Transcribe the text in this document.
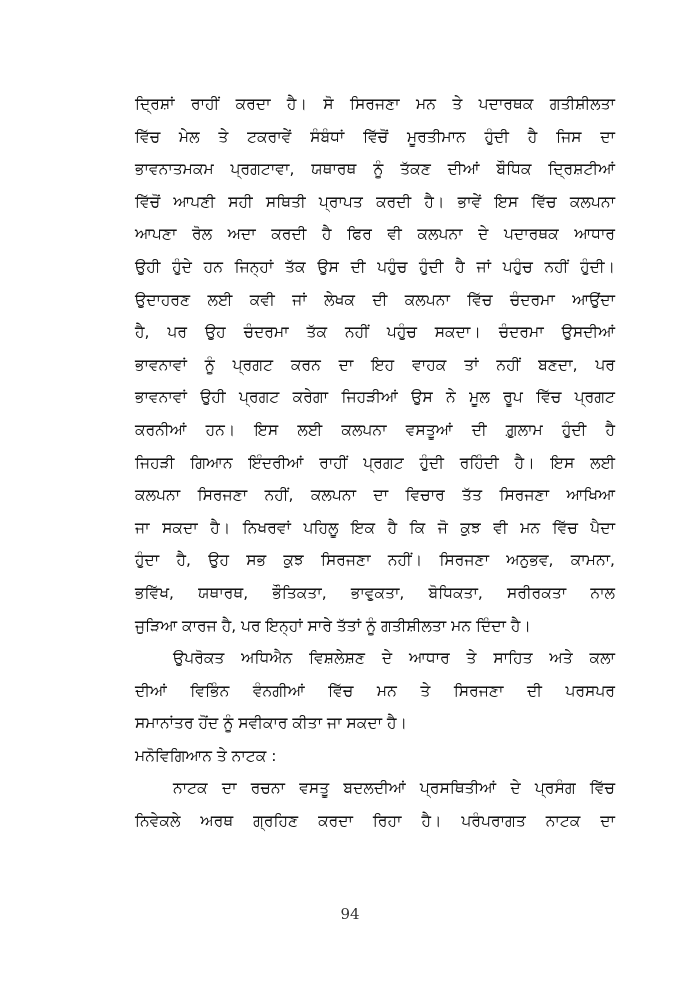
ਦ੍ਰਿਸ਼ਾਂ ਰਾਹੀਂ ਕਰਦਾ ਹੈ। ਸੋ ਸਿਰਜਣਾ ਮਨ ਤੇ ਪਦਾਰਥਕ ਗਤੀਸ਼ੀਲਤਾ
ਵਿੱਚ ਮੇਲ ਤੇ ਟਕਰਾਵੇਂ ਸੰਬੰਧਾਂ ਵਿੱਚੋਂ ਮੂਰਤੀਮਾਨ ਹੁੰਦੀ ਹੈ ਜਿਸ ਦਾ
ਭਾਵਨਾਤਮਕਮ ਪ੍ਰਗਟਾਵਾ, ਯਥਾਰਥ ਨੂੰ ਤੱਕਣ ਦੀਆਂ ਬੌਧਿਕ ਦ੍ਰਿਸ਼ਟੀਆਂ
ਵਿੱਚੋਂ ਆਪਣੀ ਸਹੀ ਸਥਿਤੀ ਪ੍ਰਾਪਤ ਕਰਦੀ ਹੈ। ਭਾਵੇਂ ਇਸ ਵਿੱਚ ਕਲਪਨਾ
ਆਪਣਾ ਰੋਲ ਅਦਾ ਕਰਦੀ ਹੈ ਫਿਰ ਵੀ ਕਲਪਨਾ ਦੇ ਪਦਾਰਥਕ ਆਧਾਰ
ਉਹੀ ਹੁੰਦੇ ਹਨ ਜਿਨ੍ਹਾਂ ਤੱਕ ਉਸ ਦੀ ਪਹੁੰਚ ਹੁੰਦੀ ਹੈ ਜਾਂ ਪਹੁੰਚ ਨਹੀਂ ਹੁੰਦੀ।
ਉਦਾਹਰਣ ਲਈ ਕਵੀ ਜਾਂ ਲੇਖਕ ਦੀ ਕਲਪਨਾ ਵਿੱਚ ਚੰਦਰਮਾ ਆਉਂਦਾ
ਹੈ, ਪਰ ਉਹ ਚੰਦਰਮਾ ਤੱਕ ਨਹੀਂ ਪਹੁੰਚ ਸਕਦਾ। ਚੰਦਰਮਾ ਉਸਦੀਆਂ
ਭਾਵਨਾਵਾਂ ਨੂੰ ਪ੍ਰਗਟ ਕਰਨ ਦਾ ਇਹ ਵਾਹਕ ਤਾਂ ਨਹੀਂ ਬਣਦਾ, ਪਰ
ਭਾਵਨਾਵਾਂ ਉਹੀ ਪ੍ਰਗਟ ਕਰੇਗਾ ਜਿਹੜੀਆਂ ਉਸ ਨੇ ਮੂਲ ਰੂਪ ਵਿੱਚ ਪ੍ਰਗਟ
ਕਰਨੀਆਂ ਹਨ। ਇਸ ਲਈ ਕਲਪਨਾ ਵਸਤੂਆਂ ਦੀ ਗ਼ੁਲਾਮ ਹੁੰਦੀ ਹੈ
ਜਿਹੜੀ ਗਿਆਨ ਇੰਦਰੀਆਂ ਰਾਹੀਂ ਪ੍ਰਗਟ ਹੁੰਦੀ ਰਹਿੰਦੀ ਹੈ। ਇਸ ਲਈ
ਕਲਪਨਾ ਸਿਰਜਣਾ ਨਹੀਂ, ਕਲਪਨਾ ਦਾ ਵਿਚਾਰ ਤੱਤ ਸਿਰਜਣਾ ਆਖਿਆ
ਜਾ ਸਕਦਾ ਹੈ। ਨਿਖਰਵਾਂ ਪਹਿਲੂ ਇਕ ਹੈ ਕਿ ਜੋ ਕੁਝ ਵੀ ਮਨ ਵਿੱਚ ਪੈਦਾ
ਹੁੰਦਾ ਹੈ, ਉਹ ਸਭ ਕੁਝ ਸਿਰਜਣਾ ਨਹੀਂ। ਸਿਰਜਣਾ ਅਨੁਭਵ, ਕਾਮਨਾ,
ਭਵਿੱਖ, ਯਥਾਰਥ, ਭੌਤਿਕਤਾ, ਭਾਵੁਕਤਾ, ਬੋਧਿਕਤਾ, ਸਰੀਰਕਤਾ ਨਾਲ
ਜੁੜਿਆ ਕਾਰਜ ਹੈ, ਪਰ ਇਨ੍ਹਾਂ ਸਾਰੇ ਤੱਤਾਂ ਨੂੰ ਗਤੀਸ਼ੀਲਤਾ ਮਨ ਦਿੰਦਾ ਹੈ।
ਉਪਰੋਕਤ ਅਧਿਐਨ ਵਿਸ਼ਲੇਸ਼ਣ ਦੇ ਆਧਾਰ ਤੇ ਸਾਹਿਤ ਅਤੇ ਕਲਾ
ਦੀਆਂ ਵਿਭਿੰਨ ਵੰਨਗੀਆਂ ਵਿੱਚ ਮਨ ਤੇ ਸਿਰਜਣਾ ਦੀ ਪਰਸਪਰ
ਸਮਾਨਾਂਤਰ ਹੋਂਦ ਨੂੰ ਸਵੀਕਾਰ ਕੀਤਾ ਜਾ ਸਕਦਾ ਹੈ।
ਮਨੋਵਿਗਿਆਨ ਤੇ ਨਾਟਕ :
ਨਾਟਕ ਦਾ ਰਚਨਾ ਵਸਤੂ ਬਦਲਦੀਆਂ ਪ੍ਰਸਥਿਤੀਆਂ ਦੇ ਪ੍ਰਸੰਗ ਵਿੱਚ
ਨਿਵੇਕਲੇ ਅਰਥ ਗ੍ਰਹਿਣ ਕਰਦਾ ਰਿਹਾ ਹੈ। ਪਰੰਪਰਾਗਤ ਨਾਟਕ ਦਾ
94
